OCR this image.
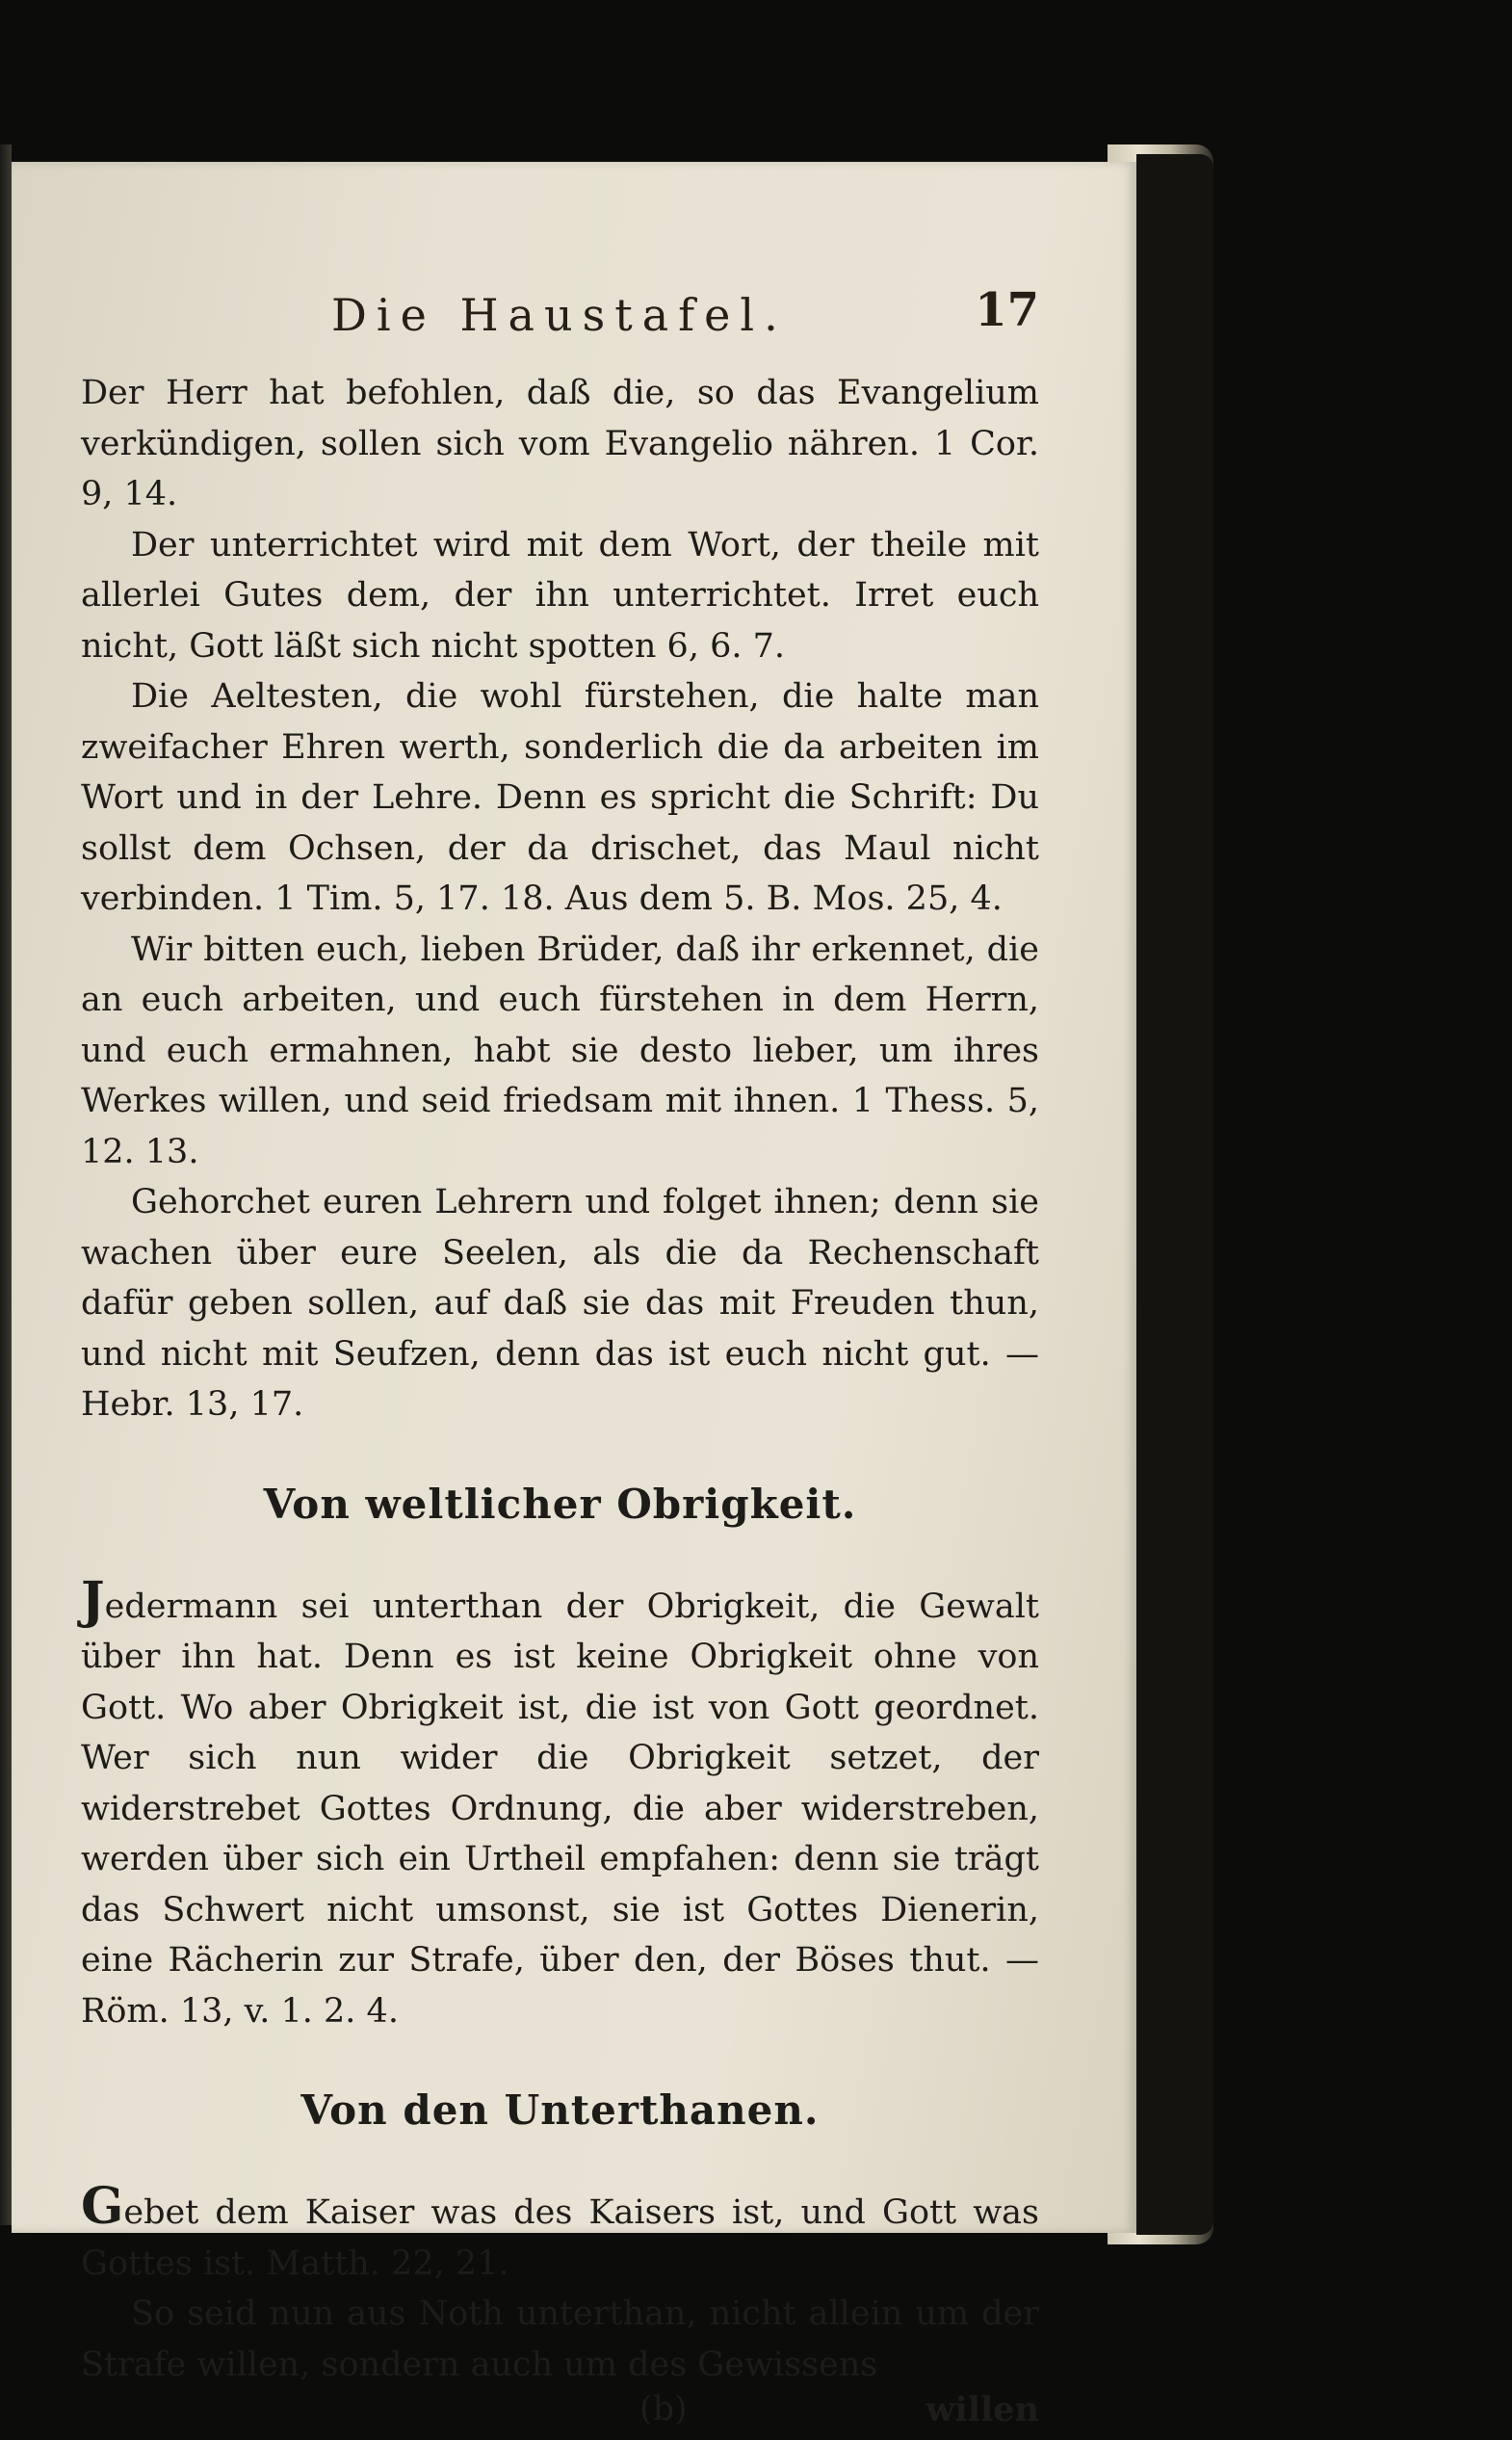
Die Haustafel.	17

Der Herr hat befohlen, daß die, so das Evangelium verkündigen, sollen sich vom Evangelio nähren. 1 Cor. 9, 14.

Der unterrichtet wird mit dem Wort, der theile mit allerlei Gutes dem, der ihn unterrichtet. Irret euch nicht, Gott läßt sich nicht spotten 6, 6. 7.

Die Aeltesten, die wohl fürstehen, die halte man zweifacher Ehren werth, sonderlich die da arbeiten im Wort und in der Lehre. Denn es spricht die Schrift: Du sollst dem Ochsen, der da drischet, das Maul nicht verbinden. 1 Tim. 5, 17. 18. Aus dem 5. B. Mos. 25, 4.

Wir bitten euch, lieben Brüder, daß ihr erkennet, die an euch arbeiten, und euch fürstehen in dem Herrn, und euch ermahnen, habt sie desto lieber, um ihres Werkes willen, und seid friedsam mit ihnen. 1 Thess. 5, 12. 13.

Gehorchet euren Lehrern und folget ihnen; denn sie wachen über eure Seelen, als die da Rechenschaft dafür geben sollen, auf daß sie das mit Freuden thun, und nicht mit Seufzen, denn das ist euch nicht gut. — Hebr. 13, 17.

Von weltlicher Obrigkeit.

Jedermann sei unterthan der Obrigkeit, die Gewalt über ihn hat. Denn es ist keine Obrigkeit ohne von Gott. Wo aber Obrigkeit ist, die ist von Gott geordnet. Wer sich nun wider die Obrigkeit setzet, der widerstrebet Gottes Ordnung, die aber widerstreben, werden über sich ein Urtheil empfahen: denn sie trägt das Schwert nicht umsonst, sie ist Gottes Dienerin, eine Rächerin zur Strafe, über den, der Böses thut. — Röm. 13, v. 1. 2. 4.

Von den Unterthanen.

Gebet dem Kaiser was des Kaisers ist, und Gott was Gottes ist. Matth. 22, 21.

So seid nun aus Noth unterthan, nicht allein um der Strafe willen, sondern auch um des Gewissens

(b)	willen
